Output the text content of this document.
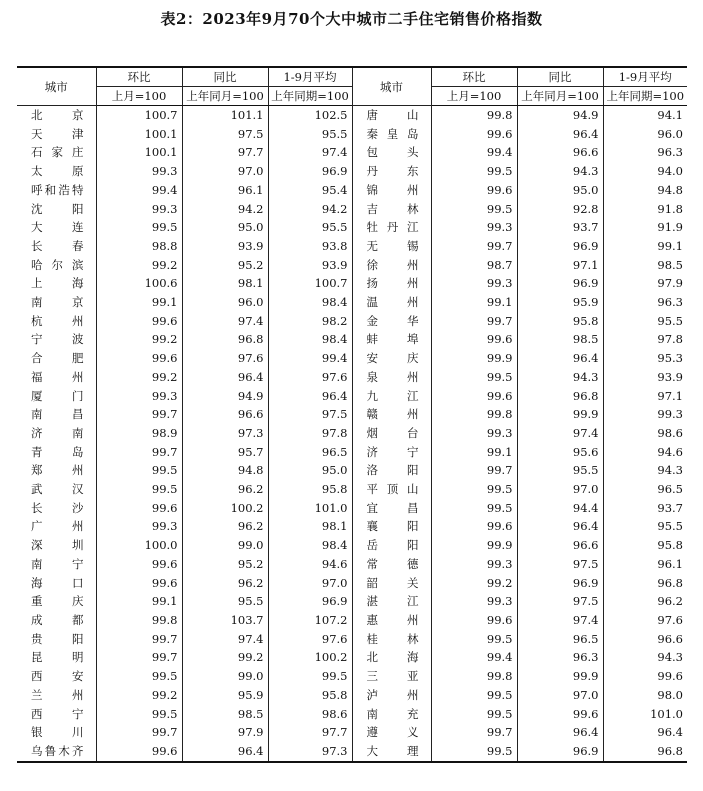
表2：2023年9月70个大中城市二手住宅销售价格指数
城市	环比	同比	1-9月平均	城市	环比	同比	1-9月平均
	上月=100	上年同月=100	上年同期=100		上月=100	上年同月=100	上年同期=100
北京	100.7	101.1	102.5	唐山	99.8	94.9	94.1
天津	100.1	97.5	95.5	秦皇岛	99.6	96.4	96.0
石家庄	100.1	97.7	97.4	包头	99.4	96.6	96.3
太原	99.3	97.0	96.9	丹东	99.5	94.3	94.0
呼和浩特	99.4	96.1	95.4	锦州	99.6	95.0	94.8
沈阳	99.3	94.2	94.2	吉林	99.5	92.8	91.8
大连	99.5	95.0	95.5	牡丹江	99.3	93.7	91.9
长春	98.8	93.9	93.8	无锡	99.7	96.9	99.1
哈尔滨	99.2	95.2	93.9	徐州	98.7	97.1	98.5
上海	100.6	98.1	100.7	扬州	99.3	96.9	97.9
南京	99.1	96.0	98.4	温州	99.1	95.9	96.3
杭州	99.6	97.4	98.2	金华	99.7	95.8	95.5
宁波	99.2	96.8	98.4	蚌埠	99.6	98.5	97.8
合肥	99.6	97.6	99.4	安庆	99.9	96.4	95.3
福州	99.2	96.4	97.6	泉州	99.5	94.3	93.9
厦门	99.3	94.9	96.4	九江	99.6	96.8	97.1
南昌	99.7	96.6	97.5	赣州	99.8	99.9	99.3
济南	98.9	97.3	97.8	烟台	99.3	97.4	98.6
青岛	99.7	95.7	96.5	济宁	99.1	95.6	94.6
郑州	99.5	94.8	95.0	洛阳	99.7	95.5	94.3
武汉	99.5	96.2	95.8	平顶山	99.5	97.0	96.5
长沙	99.6	100.2	101.0	宜昌	99.5	94.4	93.7
广州	99.3	96.2	98.1	襄阳	99.6	96.4	95.5
深圳	100.0	99.0	98.4	岳阳	99.9	96.6	95.8
南宁	99.6	95.2	94.6	常德	99.3	97.5	96.1
海口	99.6	96.2	97.0	韶关	99.2	96.9	96.8
重庆	99.1	95.5	96.9	湛江	99.3	97.5	96.2
成都	99.8	103.7	107.2	惠州	99.6	97.4	97.6
贵阳	99.7	97.4	97.6	桂林	99.5	96.5	96.6
昆明	99.7	99.2	100.2	北海	99.4	96.3	94.3
西安	99.5	99.0	99.5	三亚	99.8	99.9	99.6
兰州	99.2	95.9	95.8	泸州	99.5	97.0	98.0
西宁	99.5	98.5	98.6	南充	99.5	99.6	101.0
银川	99.7	97.9	97.7	遵义	99.7	96.4	96.4
乌鲁木齐	99.6	96.4	97.3	大理	99.5	96.9	96.8
